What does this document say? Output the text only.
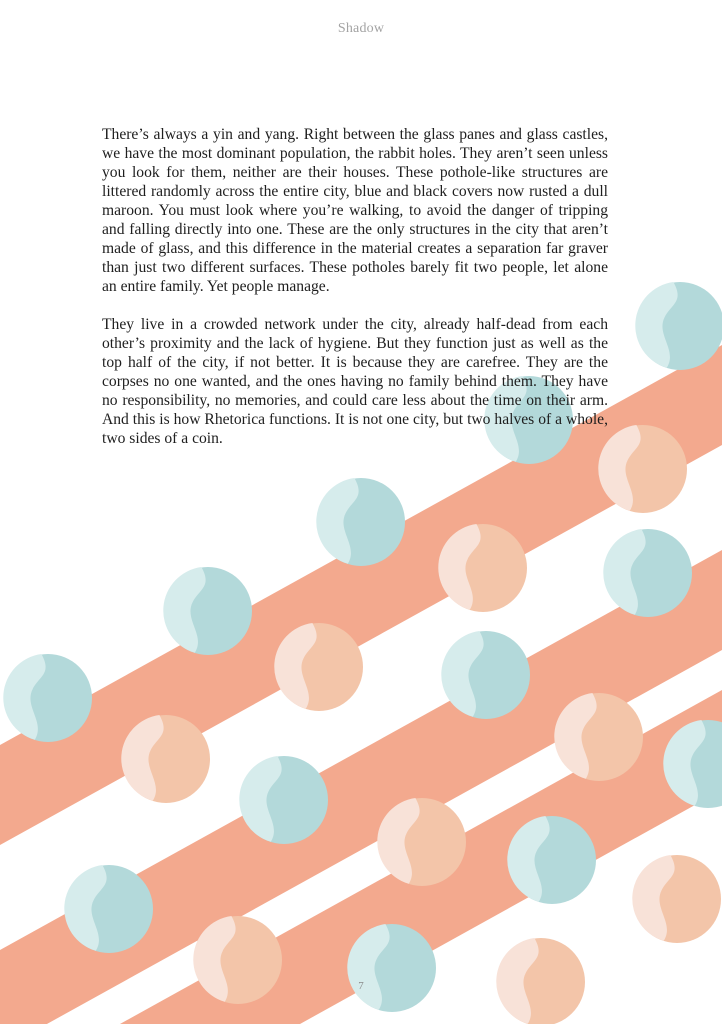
Shadow

There’s always a yin and yang. Right between the glass panes and glass castles, we have the most dominant population, the rabbit holes. They aren’t seen unless you look for them, neither are their houses. These pothole-like structures are littered randomly across the entire city, blue and black covers now rusted a dull maroon. You must look where you’re walking, to avoid the danger of tripping and falling directly into one. These are the only structures in the city that aren’t made of glass, and this difference in the material creates a separation far graver than just two different surfaces. These potholes barely fit two people, let alone an entire family. Yet people manage.

They live in a crowded network under the city, already half-dead from each other’s proximity and the lack of hygiene. But they function just as well as the top half of the city, if not better. It is because they are carefree. They are the corpses no one wanted, and the ones having no family behind them. They have no responsibility, no memories, and could care less about the time on their arm. And this is how Rhetorica functions. It is not one city, but two halves of a whole, two sides of a coin.

7
